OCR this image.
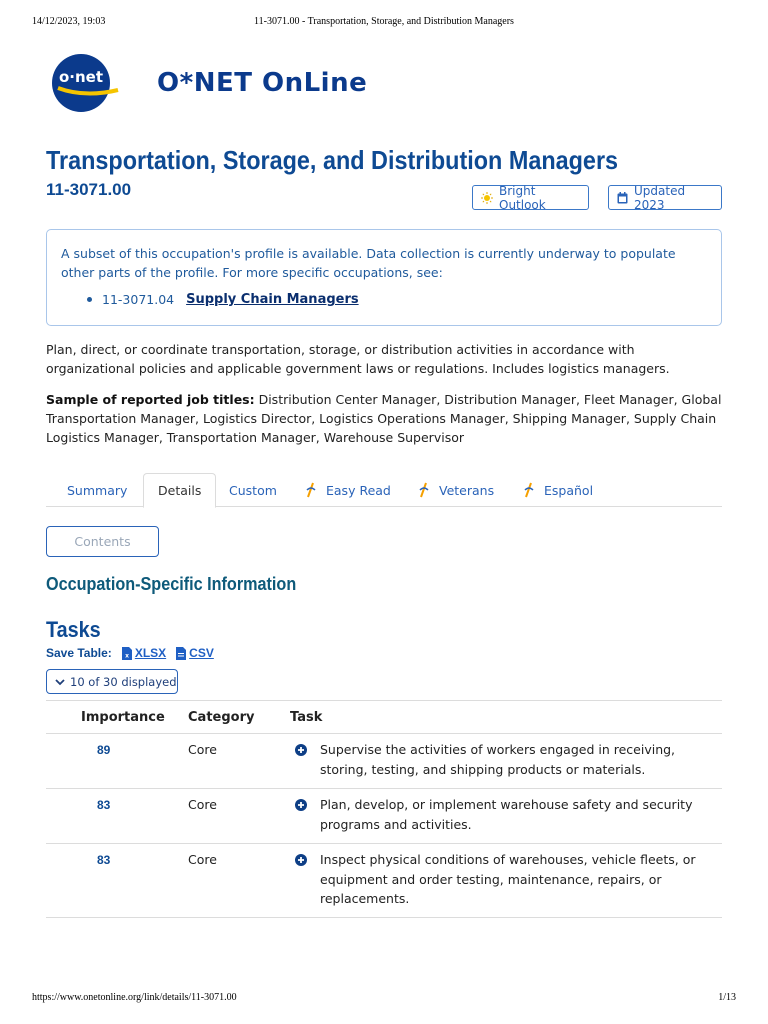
14/12/2023, 19:03	11-3071.00 - Transportation, Storage, and Distribution Managers
o·net O*NET OnLine
Transportation, Storage, and Distribution Managers
11-3071.00	Bright Outlook
Updated 2023
A subset of this occupation's profile is available. Data collection is currently underway to populate other parts of the profile. For more specific occupations, see:
11-3071.04 Supply Chain Managers
Plan, direct, or coordinate transportation, storage, or distribution activities in accordance with organizational policies and applicable government laws or regulations. Includes logistics managers.
Sample of reported job titles: Distribution Center Manager, Distribution Manager, Fleet Manager, Global Transportation Manager, Logistics Director, Logistics Operations Manager, Shipping Manager, Supply Chain Logistics Manager, Transportation Manager, Warehouse Supervisor
Summary Details Custom	Easy Read	Veterans	Español
Contents
Occupation-Specific Information
Tasks
Save Table: x XLSX CSV
10 of 30 displayed
Importance Category	Task
89	Core	Supervise the activities of workers engaged in receiving, storing, testing, and shipping products or materials.
83	Core	Plan, develop, or implement warehouse safety and security programs and activities.
83	Core	Inspect physical conditions of warehouses, vehicle fleets, or equipment and order testing, maintenance, repairs, or replacements.
https://www.onetonline.org/link/details/11-3071.00	1/13
